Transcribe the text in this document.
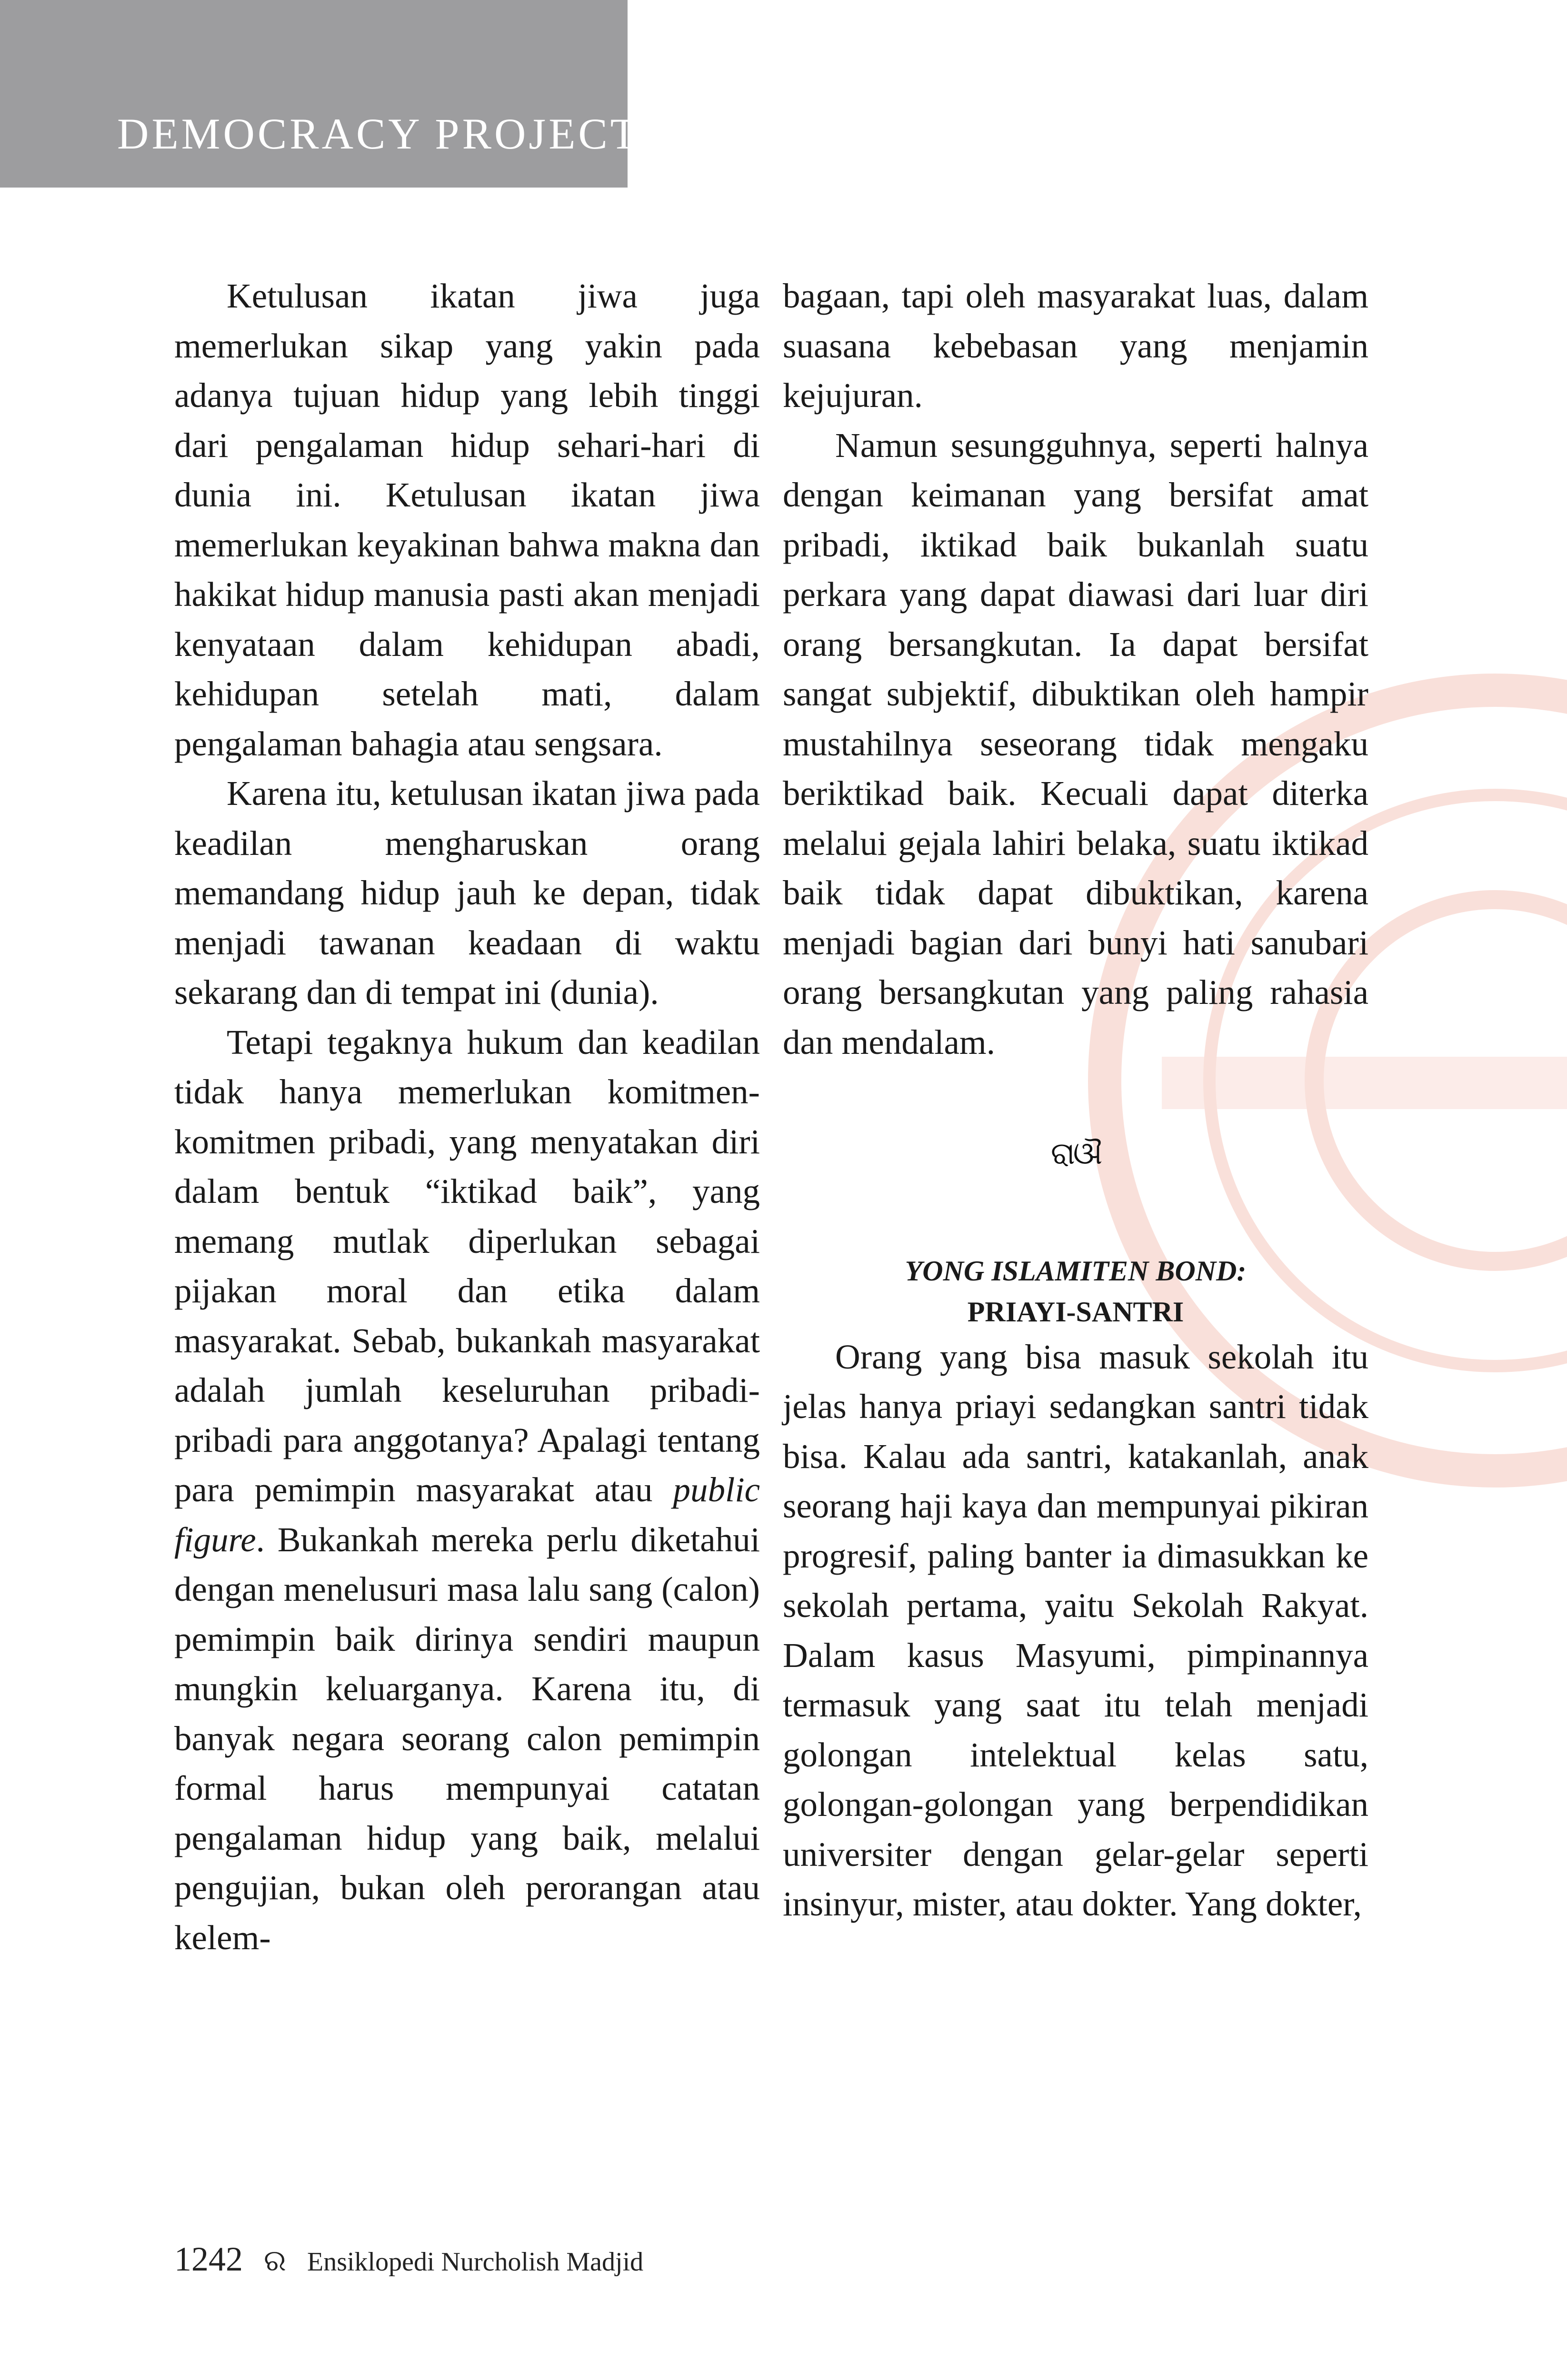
DEMOCRACY PROJECT

Ketulusan ikatan jiwa juga memerlukan sikap yang yakin pada adanya tujuan hidup yang lebih tinggi dari pengalaman hidup sehari-hari di dunia ini. Ketulusan ikatan jiwa memerlukan keyakinan bahwa makna dan hakikat hidup manusia pasti akan menjadi kenyataan dalam kehidupan abadi, kehidupan setelah mati, dalam pengalaman bahagia atau sengsara.

Karena itu, ketulusan ikatan jiwa pada keadilan mengharuskan orang memandang hidup jauh ke depan, tidak menjadi tawanan keadaan di waktu sekarang dan di tempat ini (dunia).

Tetapi tegaknya hukum dan keadilan tidak hanya memerlukan komitmen-komitmen pribadi, yang menyatakan diri dalam bentuk “iktikad baik”, yang memang mutlak diperlukan sebagai pijakan moral dan etika dalam masyarakat. Sebab, bukankah masyarakat adalah jumlah keseluruhan pribadi-pribadi para anggotanya? Apalagi tentang para pemimpin masyarakat atau public figure. Bukankah mereka perlu diketahui dengan menelusuri masa lalu sang (calon) pemimpin baik dirinya sendiri maupun mungkin keluarganya. Karena itu, di banyak negara seorang calon pemimpin formal harus mempunyai catatan pengalaman hidup yang baik, melalui pengujian, bukan oleh perorangan atau kelem-

bagaan, tapi oleh masyarakat luas, dalam suasana kebebasan yang menjamin kejujuran.

Namun sesungguhnya, seperti halnya dengan keimanan yang bersifat amat pribadi, iktikad baik bukanlah suatu perkara yang dapat diawasi dari luar diri orang bersangkutan. Ia dapat bersifat sangat subjektif, dibuktikan oleh hampir mustahilnya seseorang tidak mengaku beriktikad baik. Kecuali dapat diterka melalui gejala lahiri belaka, suatu iktikad baik tidak dapat dibuktikan, karena menjadi bagian dari bunyi hati sanubari orang bersangkutan yang paling rahasia dan mendalam.

ରାଔ
YONG ISLAMITEN BOND:
PRIAYI-SANTRI

Orang yang bisa masuk sekolah itu jelas hanya priayi sedangkan santri tidak bisa. Kalau ada santri, katakanlah, anak seorang haji kaya dan mempunyai pikiran progresif, paling banter ia dimasukkan ke sekolah pertama, yaitu Sekolah Rakyat. Dalam kasus Masyumi, pimpinannya termasuk yang saat itu telah menjadi golongan intelektual kelas satu, golongan-golongan yang berpendidikan universiter dengan gelar-gelar seperti insinyur, mister, atau dokter. Yang dokter,

1242 ର Ensiklopedi Nurcholish Madjid
